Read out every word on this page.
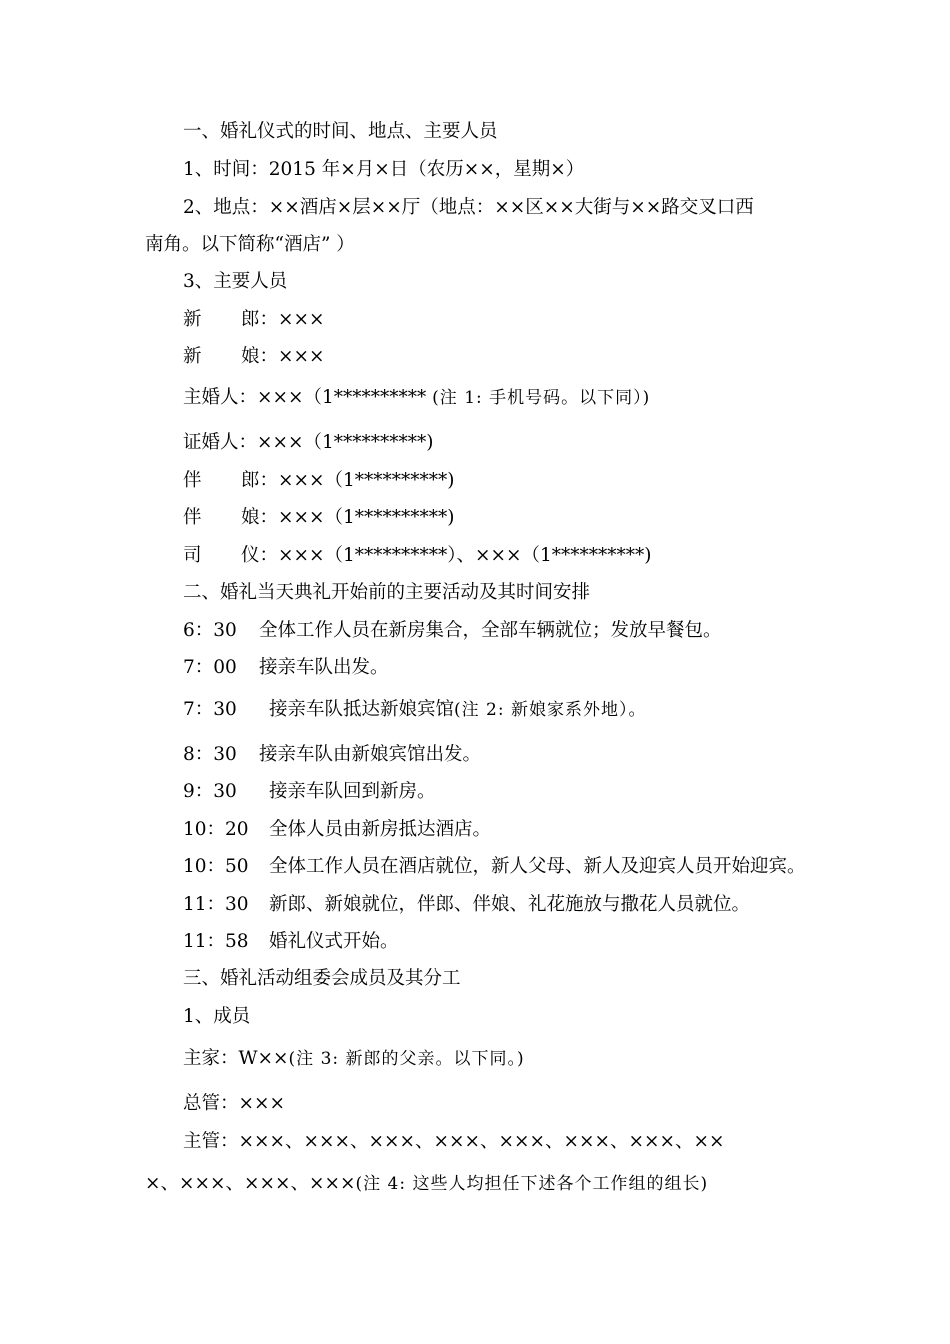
一、婚礼仪式的时间、地点、主要人员
1、时间：2015 年×月×日（农历××，星期×）
2、地点：××酒店×层××厅（地点：××区××大街与××路交叉口西
南角。以下简称“酒店” ）
3、主要人员
新 郎：×××
新 娘：×××
主婚人：×××（1********** (注 1: 手机号码。以下同）)
证婚人：×××（1**********)
伴 郎：×××（1**********)
伴 娘：×××（1**********)
司 仪：×××（1**********）、×××（1**********)
二、婚礼当天典礼开始前的主要活动及其时间安排
6：30 全体工作人员在新房集合，全部车辆就位；发放早餐包。
7：00 接亲车队出发。
7：30 接亲车队抵达新娘宾馆(注 2: 新娘家系外地）。
8：30 接亲车队由新娘宾馆出发。
9：30 接亲车队回到新房。
10：20 全体人员由新房抵达酒店。
10：50 全体工作人员在酒店就位，新人父母、新人及迎宾人员开始迎宾。
11：30 新郎、新娘就位，伴郎、伴娘、礼花施放与撒花人员就位。
11：58 婚礼仪式开始。
三、婚礼活动组委会成员及其分工
1、成员
主家：W××(注 3: 新郎的父亲。以下同。)
总管：×××
主管：×××、×××、×××、×××、×××、×××、×××、××
×、×××、×××、×××(注 4: 这些人均担任下述各个工作组的组长)
